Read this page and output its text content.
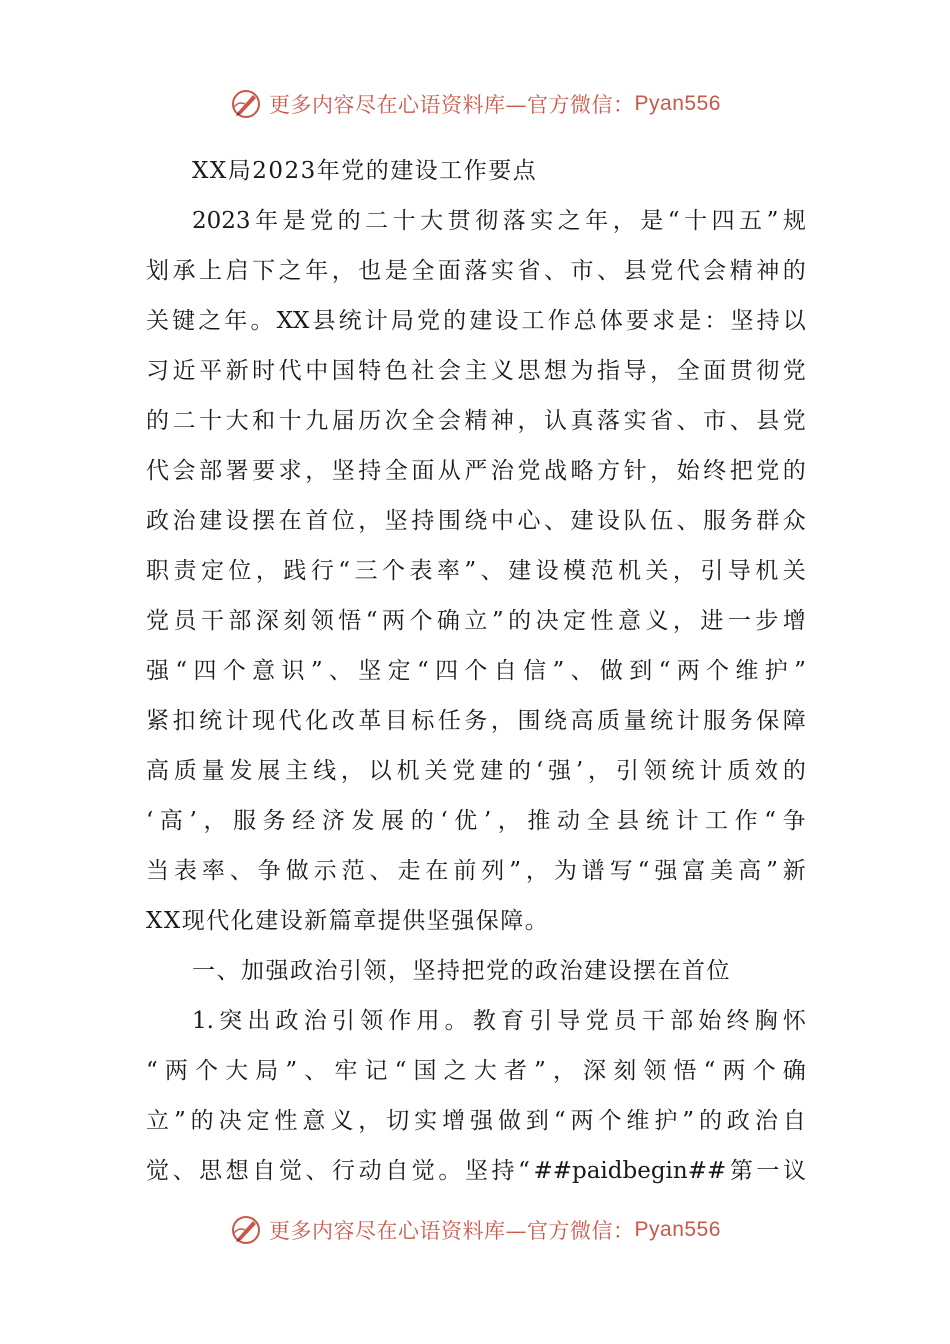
更多内容尽在心语资料库—官方微信： Pyan556
XX局2023年党的建设工作要点
2023 年 是 党 的 二 十 大 贯 彻 落 实 之 年 ， 是 “ 十 四 五 ” 规
划 承 上 启 下 之 年 ， 也 是 全 面 落 实 省 、 市 、 县 党 代 会 精 神 的
关 键 之 年 。 XX 县 统 计 局 党 的 建 设 工 作 总 体 要 求 是 ： 坚 持 以
习 近 平 新 时 代 中 国 特 色 社 会 主 义 思 想 为 指 导 ， 全 面 贯 彻 党
的 二 十 大 和 十 九 届 历 次 全 会 精 神 ， 认 真 落 实 省 、 市 、 县 党
代 会 部 署 要 求 ， 坚 持 全 面 从 严 治 党 战 略 方 针 ， 始 终 把 党 的
政 治 建 设 摆 在 首 位 ， 坚 持 围 绕 中 心 、 建 设 队 伍 、 服 务 群 众
职 责 定 位 ， 践 行 “ 三 个 表 率 ” 、 建 设 模 范 机 关 ， 引 导 机 关
党 员 干 部 深 刻 领 悟 “ 两 个 确 立 ” 的 决 定 性 意 义 ， 进 一 步 增
强 “ 四 个 意 识 ” 、 坚 定 “ 四 个 自 信 ” 、 做 到 “ 两 个 维 护 ”
紧 扣 统 计 现 代 化 改 革 目 标 任 务 ， 围 绕 高 质 量 统 计 服 务 保 障
高 质 量 发 展 主 线 ， 以 机 关 党 建 的 ‘ 强 ’ ， 引 领 统 计 质 效 的
‘ 高 ’ ， 服 务 经 济 发 展 的 ‘ 优 ’ ， 推 动 全 县 统 计 工 作 “ 争
当 表 率 、 争 做 示 范 、 走 在 前 列 ” ， 为 谱 写 “ 强 富 美 高 ” 新
XX现代化建设新篇章提供坚强保障。
一、加强政治引领，坚持把党的政治建设摆在首位
1. 突 出 政 治 引 领 作 用 。 教 育 引 导 党 员 干 部 始 终 胸 怀
“ 两 个 大 局 ” 、 牢 记 “ 国 之 大 者 ” ， 深 刻 领 悟 “ 两 个 确
立 ” 的 决 定 性 意 义 ， 切 实 增 强 做 到 “ 两 个 维 护 ” 的 政 治 自
觉 、 思 想 自 觉 、 行 动 自 觉 。 坚 持 “ ##paidbegin## 第 一 议
更多内容尽在心语资料库—官方微信： Pyan556
